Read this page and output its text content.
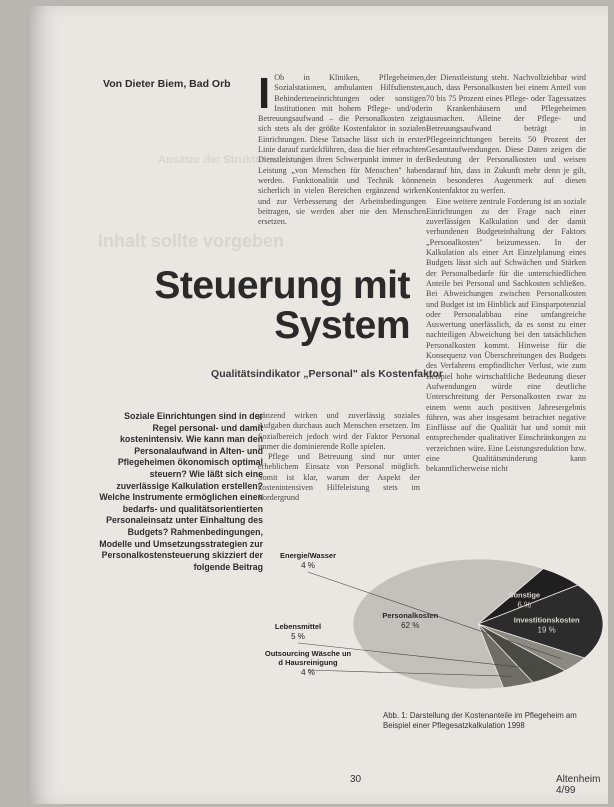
Inhalt sollte vorgeben
Ansätze der Strukturqualität
Von Dieter Biem, Bad Orb I Ob in Kliniken, Pflegeheimen, Sozialstationen, ambulanten Hilfsdiensten, Behinderteneinrichtungen oder sonstigen Institutionen mit hohem Pflege- und/oder Betreuungsaufwand – die Personalkosten zeigt sich stets als der größte Kostenfaktor in sozialen Einrichtungen. Diese Tatsache lässt sich in erster Linie darauf zurückführen, dass die hier erbrachten Dienstleistungen ihren Schwerpunkt immer in der Leistung „von Menschen für Menschen" haben werden. Funktionalität und Technik können sicherlich in vielen Bereichen ergänzend wirken und zur Verbesserung der Arbeitsbedingungen beitragen, sie werden aber nie den Menschen ersetzen.

der Dienstleistung steht. Nachvollziehbar wird auch, dass Personalkosten bei einem Anteil von 70 bis 75 Prozent eines Pflege- oder Tagessatzes in Krankenhäusern und Pflegeheimen ausmachen. Alleine der Pflege- und Betreuungsaufwand beträgt in Pflegeeinrichtungen bereits 50 Prozent der Gesamtaufwendungen. Diese Daten zeigen die Bedeutung der Personalkosten und weisen darauf hin, dass in Zukunft mehr denn je gilt, ein besonderes Augenmerk auf diesen Kostenfaktor zu werfen.

Eine weitere zentrale Forderung ist an soziale Einrichtungen zu der Frage nach einer zuverlässigen Kalkulation und der damit verbundenen Budgeteinhaltung der Faktors „Personalkosten" beizumessen. In der Kalkulation als einer Art Einzelplanung eines Budgets lässt sich auf Schwächen und Stärken der Personalbedarfe für die unterschiedlichen Anteile bei Personal und Sachkosten schließen. Bei Abweichungen zwischen Personalkosten und Budget ist im Hinblick auf Einsparpotenzial oder Personalabbau eine umfangreiche Auswertung unerlässlich, da es sonst zu einer nachteiligen Abweichung bei den tatsächlichen Personalkosten kommt. Hinweise für die Konsequenz von Überschreitungen des Budgets des Verfahrens empfindlicher Verlust, wie zum Beispiel hohe wirtschaftliche Bedeutung dieser Aufwendungen würde eine deutliche Unterschreitung der Personalkosten zwar zu einem wenn auch positiven Jahresergebnis führen, was aber insgesamt betrachtet negative Einflüsse auf die Qualität hat und somit mit entsprechender qualitativer Einschränkungen zu verzeichnen wäre. Eine Leistungsreduktion bzw. eine Qualitätsminderung kann bekanntlicherweise nicht

Steuerung mit
System
Qualitätsindikator „Personal" als Kostenfaktor
Soziale Einrichtungen sind in der Regel personal- und damit kostenintensiv. Wie kann man den Personalaufwand in Alten- und Pflegeheimen ökonomisch optimal steuern? Wie läßt sich eine zuverlässige Kalkulation erstellen? Welche Instrumente ermöglichen einen bedarfs- und qualitätsorientierten Personaleinsatz unter Einhaltung des Budgets? Rahmenbedingungen, Modelle und Umsetzungsstrategien zur Personalkostensteuerung skizziert der folgende Beitrag

gänzend wirken und zuverlässig soziales Aufgaben durchaus auch Menschen ersetzen. Im Sozialbereich jedoch wird der Faktor Personal immer die dominierende Rolle spielen.

Pflege und Betreuung sind nur unter erheblichem Einsatz von Personal möglich. Somit ist klar, warum der Aspekt der kostenintensiven Hilfeleistung stets im Vordergrund

Sonstige
6 %
Investitionskosten
19 %
Energie/Wasser
4 %
Lebensmittel
5 %
Outsourcing Wäsche un
d Hausreinigung
4 %
Personalkosten
62 %
Abb. 1: Darstellung der Kostenanteile im Pflegeheim am Beispiel einer Pflegesatzkalkulation 1998
30	Altenheim 4/99
